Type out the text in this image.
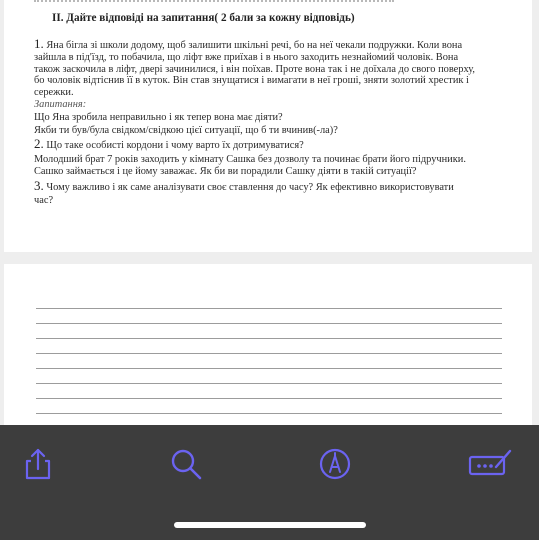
II. Дайте відповіді на запитання( 2 бали за кожну відповідь)
1. Яна бігла зі школи додому, щоб залишити шкільні речі, бо на неї чекали подружки. Коли вона
зайшла в під'їзд, то побачила, що ліфт вже приїхав і в нього заходить незнайомий чоловік. Вона
також заскочила в ліфт, двері зачинилися, і він поїхав. Проте вона так і не доїхала до свого поверху,
бо чоловік відтіснив її в куток. Він став знущатися і вимагати в неї гроші, зняти золотий хрестик і
сережки.
Запитання:
Що Яна зробила неправильно і як тепер вона має діяти?
Якби ти був/була свідком/свідкою цієї ситуації, що б ти вчинив(-ла)?
2. Що таке особисті кордони і чому варто їх дотримуватися?
Молодший брат 7 років заходить у кімнату Сашка без дозволу та починає брати його підручники.
Сашко займається і це йому заважає. Як би ви порадили Сашку діяти в такій ситуації?
3. Чому важливо і як саме аналізувати своє ставлення до часу? Як ефективно використовувати
час?
